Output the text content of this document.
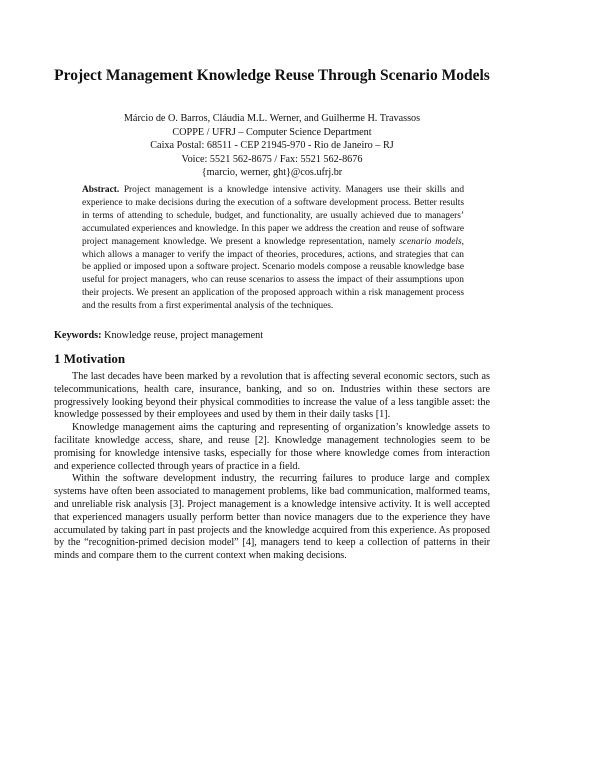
Project Management Knowledge Reuse Through Scenario Models
Márcio de O. Barros, Cláudia M.L. Werner, and Guilherme H. Travassos
COPPE / UFRJ – Computer Science Department
Caixa Postal: 68511 - CEP 21945-970 - Rio de Janeiro – RJ
Voice: 5521 562-8675 / Fax: 5521 562-8676
{marcio, werner, ght}@cos.ufrj.br
Abstract. Project management is a knowledge intensive activity. Managers use their skills and experience to make decisions during the execution of a software development process. Better results in terms of attending to schedule, budget, and functionality, are usually achieved due to managers’ accumulated experiences and knowledge. In this paper we address the creation and reuse of software project management knowledge. We present a knowledge representation, namely scenario models, which allows a manager to verify the impact of theories, procedures, actions, and strategies that can be applied or imposed upon a software project. Scenario models compose a reusable knowledge base useful for project managers, who can reuse scenarios to assess the impact of their assumptions upon their projects. We present an application of the proposed approach within a risk management process and the results from a first experimental analysis of the techniques.
Keywords: Knowledge reuse, project management
1 Motivation

The last decades have been marked by a revolution that is affecting several economic sectors, such as telecommunications, health care, insurance, banking, and so on. Industries within these sectors are progressively looking beyond their physical commodities to increase the value of a less tangible asset: the knowledge possessed by their employees and used by them in their daily tasks [1].

Knowledge management aims the capturing and representing of organization’s knowledge assets to facilitate knowledge access, share, and reuse [2]. Knowledge management technologies seem to be promising for knowledge intensive tasks, especially for those where knowledge comes from interaction and experience collected through years of practice in a field.

Within the software development industry, the recurring failures to produce large and complex systems have often been associated to management problems, like bad communication, malformed teams, and unreliable risk analysis [3]. Project management is a knowledge intensive activity. It is well accepted that experienced managers usually perform better than novice managers due to the experience they have accumulated by taking part in past projects and the knowledge acquired from this experience. As proposed by the “recognition-primed decision model” [4], managers tend to keep a collection of patterns in their minds and compare them to the current context when making decisions.
